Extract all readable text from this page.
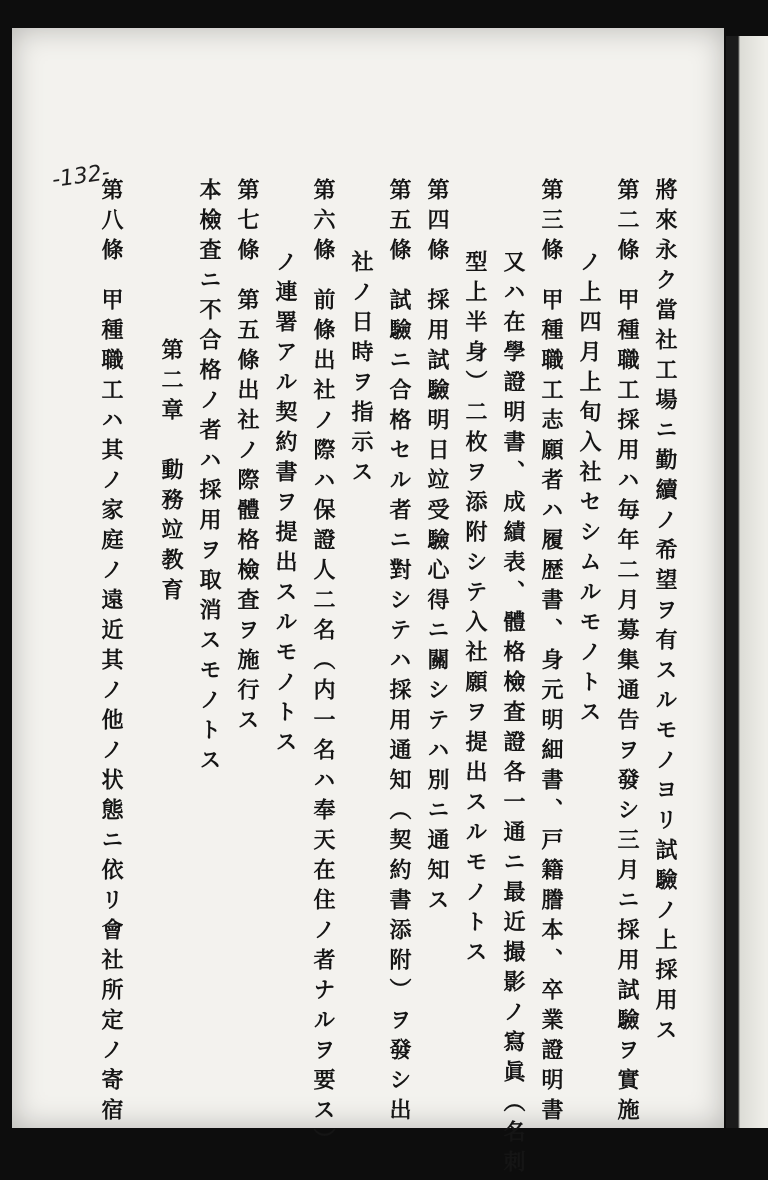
-132-
將來永ク當社工場ニ勤續ノ希望ヲ有スルモノヨリ試驗ノ上採用ス
第二條甲種職工採用ハ毎年二月募集通告ヲ發シ三月ニ採用試驗ヲ實施
ノ上四月上旬入社セシムルモノトス
第三條甲種職工志願者ハ履歴書、身元明細書、戸籍謄本、卒業證明書
又ハ在學證明書、成績表、體格檢査證各一通ニ最近撮影ノ寫眞（名刺
型上半身）二枚ヲ添附シテ入社願ヲ提出スルモノトス
第四條採用試驗明日竝受驗心得ニ關シテハ別ニ通知ス
第五條試驗ニ合格セル者ニ對シテハ採用通知（契約書添附）ヲ發シ出
社ノ日時ヲ指示ス
第六條前條出社ノ際ハ保證人二名（内一名ハ奉天在住ノ者ナルヲ要ス）
ノ連署アル契約書ヲ提出スルモノトス
第七條第五條出社ノ際體格檢査ヲ施行ス
本檢査ニ不合格ノ者ハ採用ヲ取消スモノトス
第二章　動務竝教育
第八條甲種職工ハ其ノ家庭ノ遠近其ノ他ノ状態ニ依リ會社所定ノ寄宿
